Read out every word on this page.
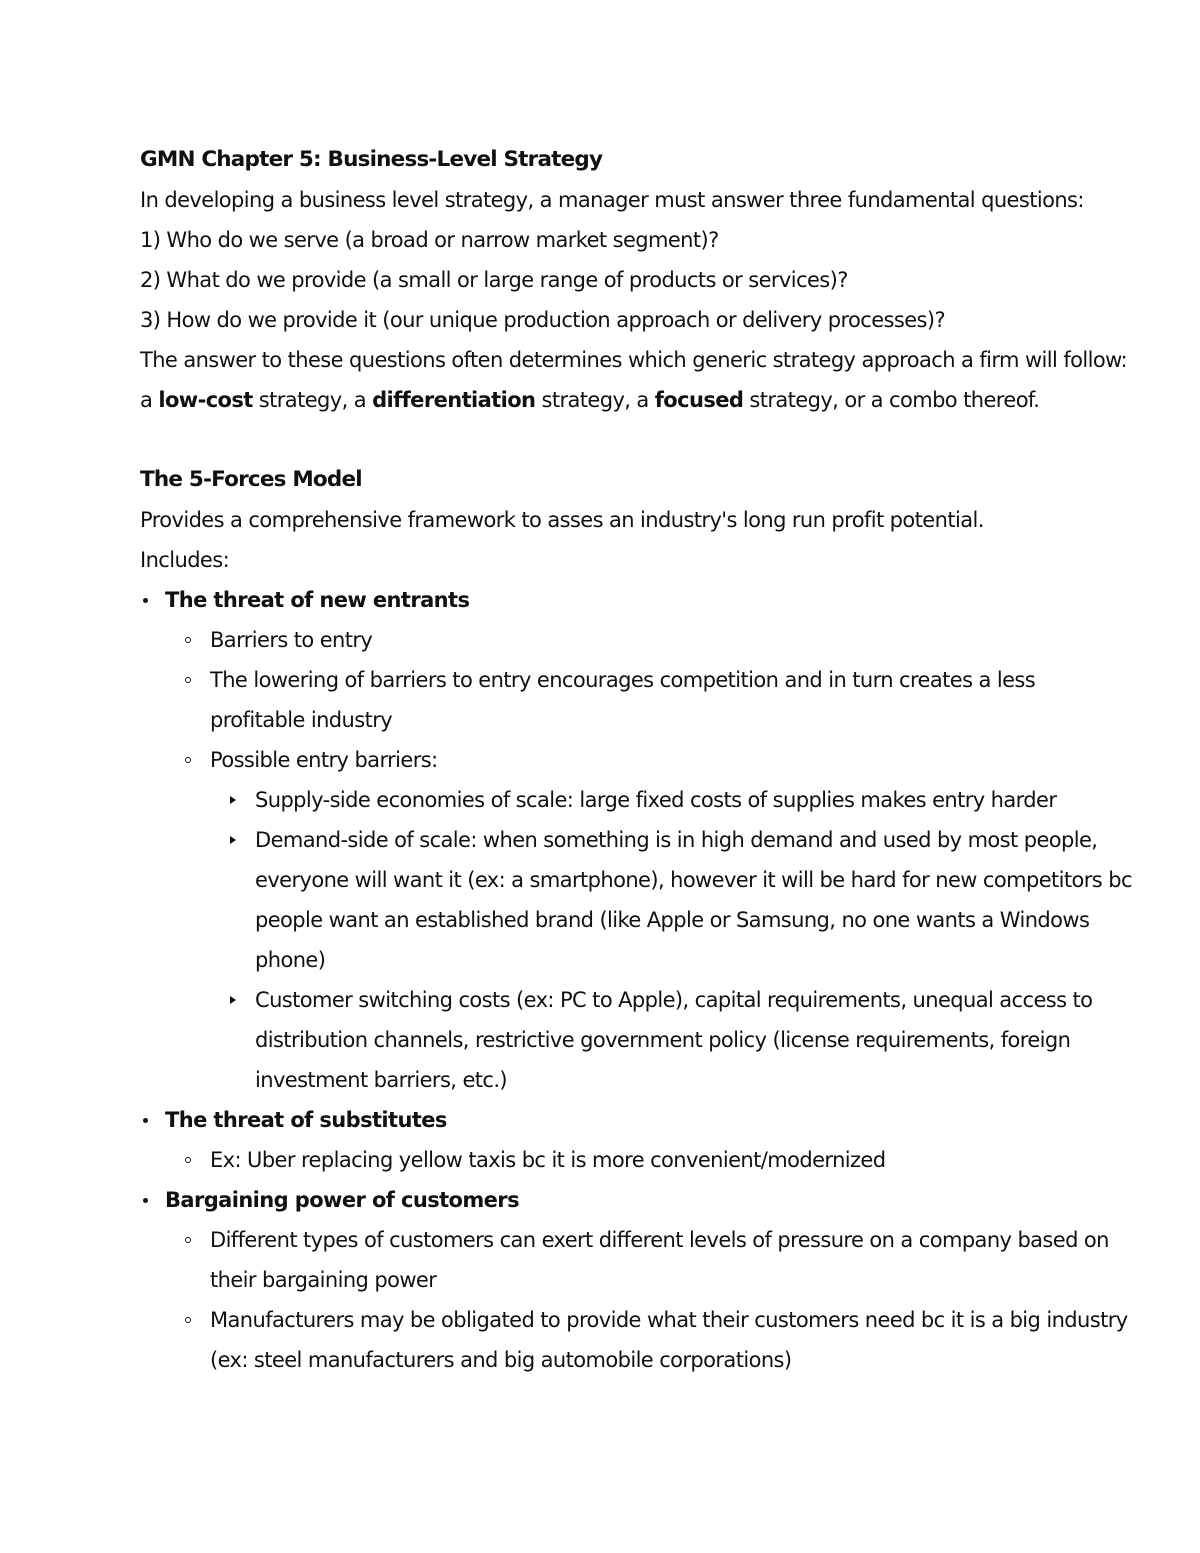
GMN Chapter 5: Business-Level Strategy
In developing a business level strategy, a manager must answer three fundamental questions:
1) Who do we serve (a broad or narrow market segment)?
2) What do we provide (a small or large range of products or services)?
3) How do we provide it (our unique production approach or delivery processes)?
The answer to these questions often determines which generic strategy approach a firm will follow:
a low-cost strategy, a differentiation strategy, a focused strategy, or a combo thereof.
The 5-Forces Model
Provides a comprehensive framework to asses an industry's long run profit potential.
Includes:
The threat of new entrants
Barriers to entry
The lowering of barriers to entry encourages competition and in turn creates a less
profitable industry
Possible entry barriers:
Supply-side economies of scale: large fixed costs of supplies makes entry harder
Demand-side of scale: when something is in high demand and used by most people,
everyone will want it (ex: a smartphone), however it will be hard for new competitors bc
people want an established brand (like Apple or Samsung, no one wants a Windows
phone)
Customer switching costs (ex: PC to Apple), capital requirements, unequal access to
distribution channels, restrictive government policy (license requirements, foreign
investment barriers, etc.)
The threat of substitutes
Ex: Uber replacing yellow taxis bc it is more convenient/modernized
Bargaining power of customers
Different types of customers can exert different levels of pressure on a company based on
their bargaining power
Manufacturers may be obligated to provide what their customers need bc it is a big industry
(ex: steel manufacturers and big automobile corporations)
